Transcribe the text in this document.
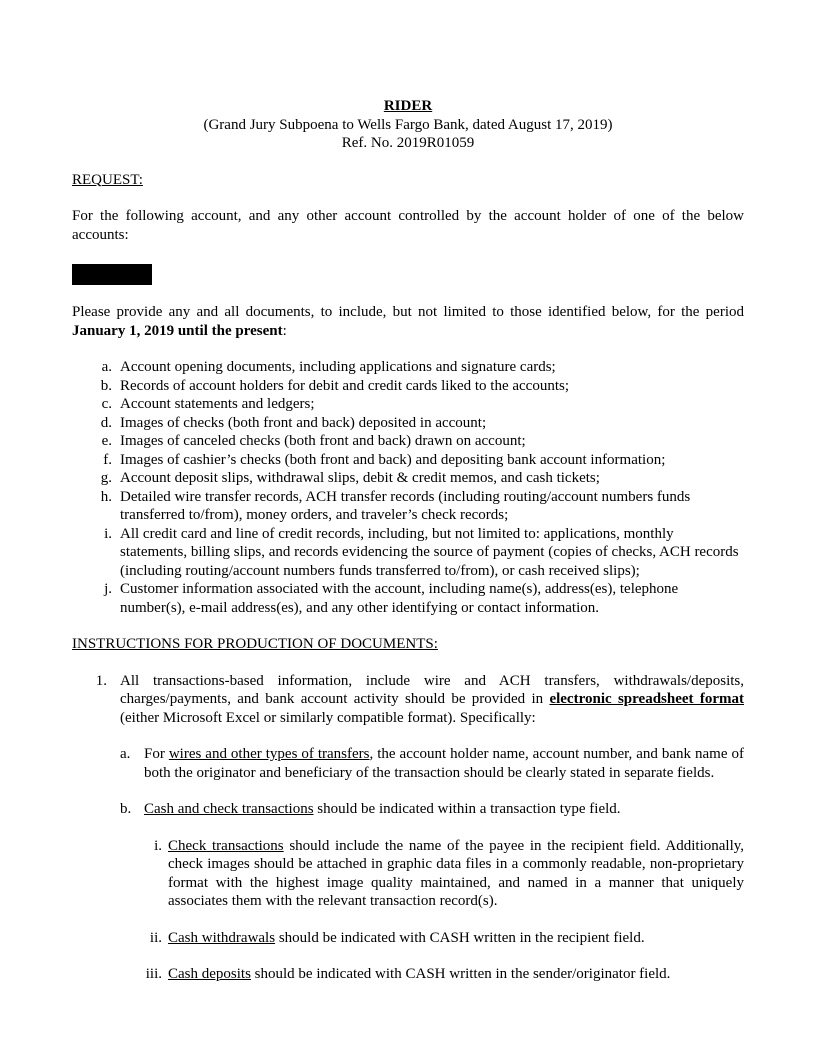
RIDER

(Grand Jury Subpoena to Wells Fargo Bank, dated August 17, 2019)

Ref. No. 2019R01059

REQUEST:

For the following account, and any other account controlled by the account holder of one of the below accounts:

Please provide any and all documents, to include, but not limited to those identified below, for the period January 1, 2019 until the present:

a. Account opening documents, including applications and signature cards;
b. Records of account holders for debit and credit cards liked to the accounts;
c. Account statements and ledgers;
d. Images of checks (both front and back) deposited in account;
e. Images of canceled checks (both front and back) drawn on account;
f. Images of cashier’s checks (both front and back) and depositing bank account information;
g. Account deposit slips, withdrawal slips, debit & credit memos, and cash tickets;
h. Detailed wire transfer records, ACH transfer records (including routing/account numbers funds transferred to/from), money orders, and traveler’s check records;
i. All credit card and line of credit records, including, but not limited to: applications, monthly statements, billing slips, and records evidencing the source of payment (copies of checks, ACH records (including routing/account numbers funds transferred to/from), or cash received slips);
j. Customer information associated with the account, including name(s), address(es), telephone number(s), e-mail address(es), and any other identifying or contact information.

INSTRUCTIONS FOR PRODUCTION OF DOCUMENTS:

1. All transactions-based information, include wire and ACH transfers, withdrawals/deposits, charges/payments, and bank account activity should be provided in electronic spreadsheet format (either Microsoft Excel or similarly compatible format). Specifically:
a. For wires and other types of transfers, the account holder name, account number, and bank name of both the originator and beneficiary of the transaction should be clearly stated in separate fields.
b. Cash and check transactions should be indicated within a transaction type field.
i. Check transactions should include the name of the payee in the recipient field. Additionally, check images should be attached in graphic data files in a commonly readable, non-proprietary format with the highest image quality maintained, and named in a manner that uniquely associates them with the relevant transaction record(s).
ii. Cash withdrawals should be indicated with CASH written in the recipient field.
iii. Cash deposits should be indicated with CASH written in the sender/originator field.
